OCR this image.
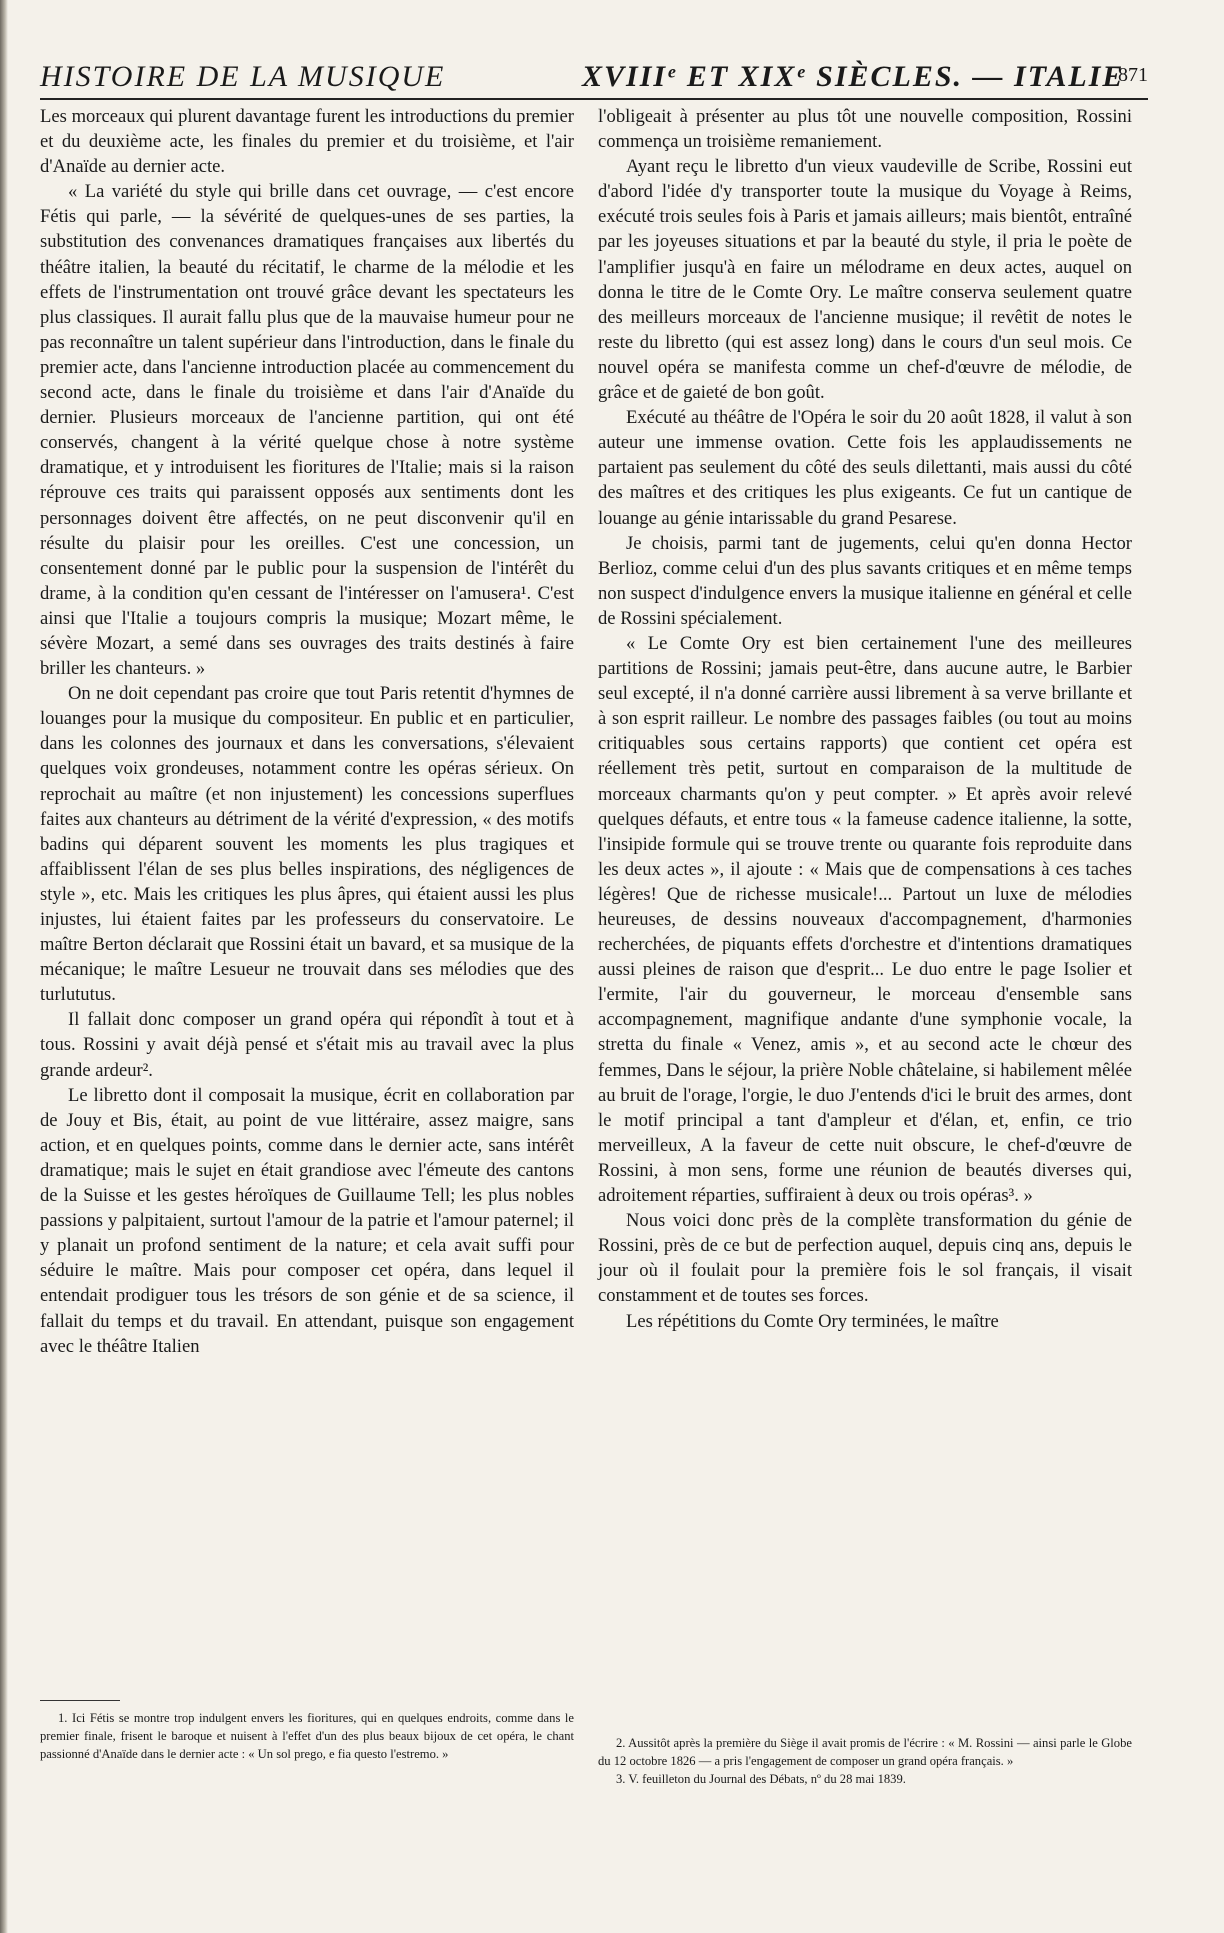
HISTOIRE DE LA MUSIQUE	XVIIIᵉ ET XIXᵉ SIÈCLES. — ITALIE
871

Les morceaux qui plurent davantage furent les introductions du premier et du deuxième acte, les finales du premier et du troisième, et l'air d'Anaïde au dernier acte.

« La variété du style qui brille dans cet ouvrage, — c'est encore Fétis qui parle, — la sévérité de quelques-unes de ses parties, la substitution des convenances dramatiques françaises aux libertés du théâtre italien, la beauté du récitatif, le charme de la mélodie et les effets de l'instrumentation ont trouvé grâce devant les spectateurs les plus classiques. Il aurait fallu plus que de la mauvaise humeur pour ne pas reconnaître un talent supérieur dans l'introduction, dans le finale du premier acte, dans l'ancienne introduction placée au commencement du second acte, dans le finale du troisième et dans l'air d'Anaïde du dernier. Plusieurs morceaux de l'ancienne partition, qui ont été conservés, changent à la vérité quelque chose à notre système dramatique, et y introduisent les fioritures de l'Italie; mais si la raison réprouve ces traits qui paraissent opposés aux sentiments dont les personnages doivent être affectés, on ne peut disconvenir qu'il en résulte du plaisir pour les oreilles. C'est une concession, un consentement donné par le public pour la suspension de l'intérêt du drame, à la condition qu'en cessant de l'intéresser on l'amusera¹. C'est ainsi que l'Italie a toujours compris la musique; Mozart même, le sévère Mozart, a semé dans ses ouvrages des traits destinés à faire briller les chanteurs. »

On ne doit cependant pas croire que tout Paris retentit d'hymnes de louanges pour la musique du compositeur. En public et en particulier, dans les colonnes des journaux et dans les conversations, s'élevaient quelques voix grondeuses, notamment contre les opéras sérieux. On reprochait au maître (et non injustement) les concessions superflues faites aux chanteurs au détriment de la vérité d'expression, « des motifs badins qui déparent souvent les moments les plus tragiques et affaiblissent l'élan de ses plus belles inspirations, des négligences de style », etc. Mais les critiques les plus âpres, qui étaient aussi les plus injustes, lui étaient faites par les professeurs du conservatoire. Le maître Berton déclarait que Rossini était un bavard, et sa musique de la mécanique; le maître Lesueur ne trouvait dans ses mélodies que des turlututus.

Il fallait donc composer un grand opéra qui répondît à tout et à tous. Rossini y avait déjà pensé et s'était mis au travail avec la plus grande ardeur².

Le libretto dont il composait la musique, écrit en collaboration par de Jouy et Bis, était, au point de vue littéraire, assez maigre, sans action, et en quelques points, comme dans le dernier acte, sans intérêt dramatique; mais le sujet en était grandiose avec l'émeute des cantons de la Suisse et les gestes héroïques de Guillaume Tell; les plus nobles passions y palpitaient, surtout l'amour de la patrie et l'amour paternel; il y planait un profond sentiment de la nature; et cela avait suffi pour séduire le maître. Mais pour composer cet opéra, dans lequel il entendait prodiguer tous les trésors de son génie et de sa science, il fallait du temps et du travail. En attendant, puisque son engagement avec le théâtre Italien

l'obligeait à présenter au plus tôt une nouvelle composition, Rossini commença un troisième remaniement.

Ayant reçu le libretto d'un vieux vaudeville de Scribe, Rossini eut d'abord l'idée d'y transporter toute la musique du Voyage à Reims, exécuté trois seules fois à Paris et jamais ailleurs; mais bientôt, entraîné par les joyeuses situations et par la beauté du style, il pria le poète de l'amplifier jusqu'à en faire un mélodrame en deux actes, auquel on donna le titre de le Comte Ory. Le maître conserva seulement quatre des meilleurs morceaux de l'ancienne musique; il revêtit de notes le reste du libretto (qui est assez long) dans le cours d'un seul mois. Ce nouvel opéra se manifesta comme un chef-d'œuvre de mélodie, de grâce et de gaieté de bon goût.

Exécuté au théâtre de l'Opéra le soir du 20 août 1828, il valut à son auteur une immense ovation. Cette fois les applaudissements ne partaient pas seulement du côté des seuls dilettanti, mais aussi du côté des maîtres et des critiques les plus exigeants. Ce fut un cantique de louange au génie intarissable du grand Pesarese.

Je choisis, parmi tant de jugements, celui qu'en donna Hector Berlioz, comme celui d'un des plus savants critiques et en même temps non suspect d'indulgence envers la musique italienne en général et celle de Rossini spécialement.

« Le Comte Ory est bien certainement l'une des meilleures partitions de Rossini; jamais peut-être, dans aucune autre, le Barbier seul excepté, il n'a donné carrière aussi librement à sa verve brillante et à son esprit railleur. Le nombre des passages faibles (ou tout au moins critiquables sous certains rapports) que contient cet opéra est réellement très petit, surtout en comparaison de la multitude de morceaux charmants qu'on y peut compter. » Et après avoir relevé quelques défauts, et entre tous « la fameuse cadence italienne, la sotte, l'insipide formule qui se trouve trente ou quarante fois reproduite dans les deux actes », il ajoute : « Mais que de compensations à ces taches légères! Que de richesse musicale!... Partout un luxe de mélodies heureuses, de dessins nouveaux d'accompagnement, d'harmonies recherchées, de piquants effets d'orchestre et d'intentions dramatiques aussi pleines de raison que d'esprit... Le duo entre le page Isolier et l'ermite, l'air du gouverneur, le morceau d'ensemble sans accompagnement, magnifique andante d'une symphonie vocale, la stretta du finale « Venez, amis », et au second acte le chœur des femmes, Dans le séjour, la prière Noble châtelaine, si habilement mêlée au bruit de l'orage, l'orgie, le duo J'entends d'ici le bruit des armes, dont le motif principal a tant d'ampleur et d'élan, et, enfin, ce trio merveilleux, A la faveur de cette nuit obscure, le chef-d'œuvre de Rossini, à mon sens, forme une réunion de beautés diverses qui, adroitement réparties, suffiraient à deux ou trois opéras³. »

Nous voici donc près de la complète transformation du génie de Rossini, près de ce but de perfection auquel, depuis cinq ans, depuis le jour où il foulait pour la première fois le sol français, il visait constamment et de toutes ses forces.

Les répétitions du Comte Ory terminées, le maître

1. Ici Fétis se montre trop indulgent envers les fioritures, qui en quelques endroits, comme dans le premier finale, frisent le baroque et nuisent à l'effet d'un des plus beaux bijoux de cet opéra, le chant passionné d'Anaïde dans le dernier acte : « Un sol prego, e fia questo l'estremo. »

2. Aussitôt après la première du Siège il avait promis de l'écrire : « M. Rossini — ainsi parle le Globe du 12 octobre 1826 — a pris l'engagement de composer un grand opéra français. »

3. V. feuilleton du Journal des Débats, nº du 28 mai 1839.
